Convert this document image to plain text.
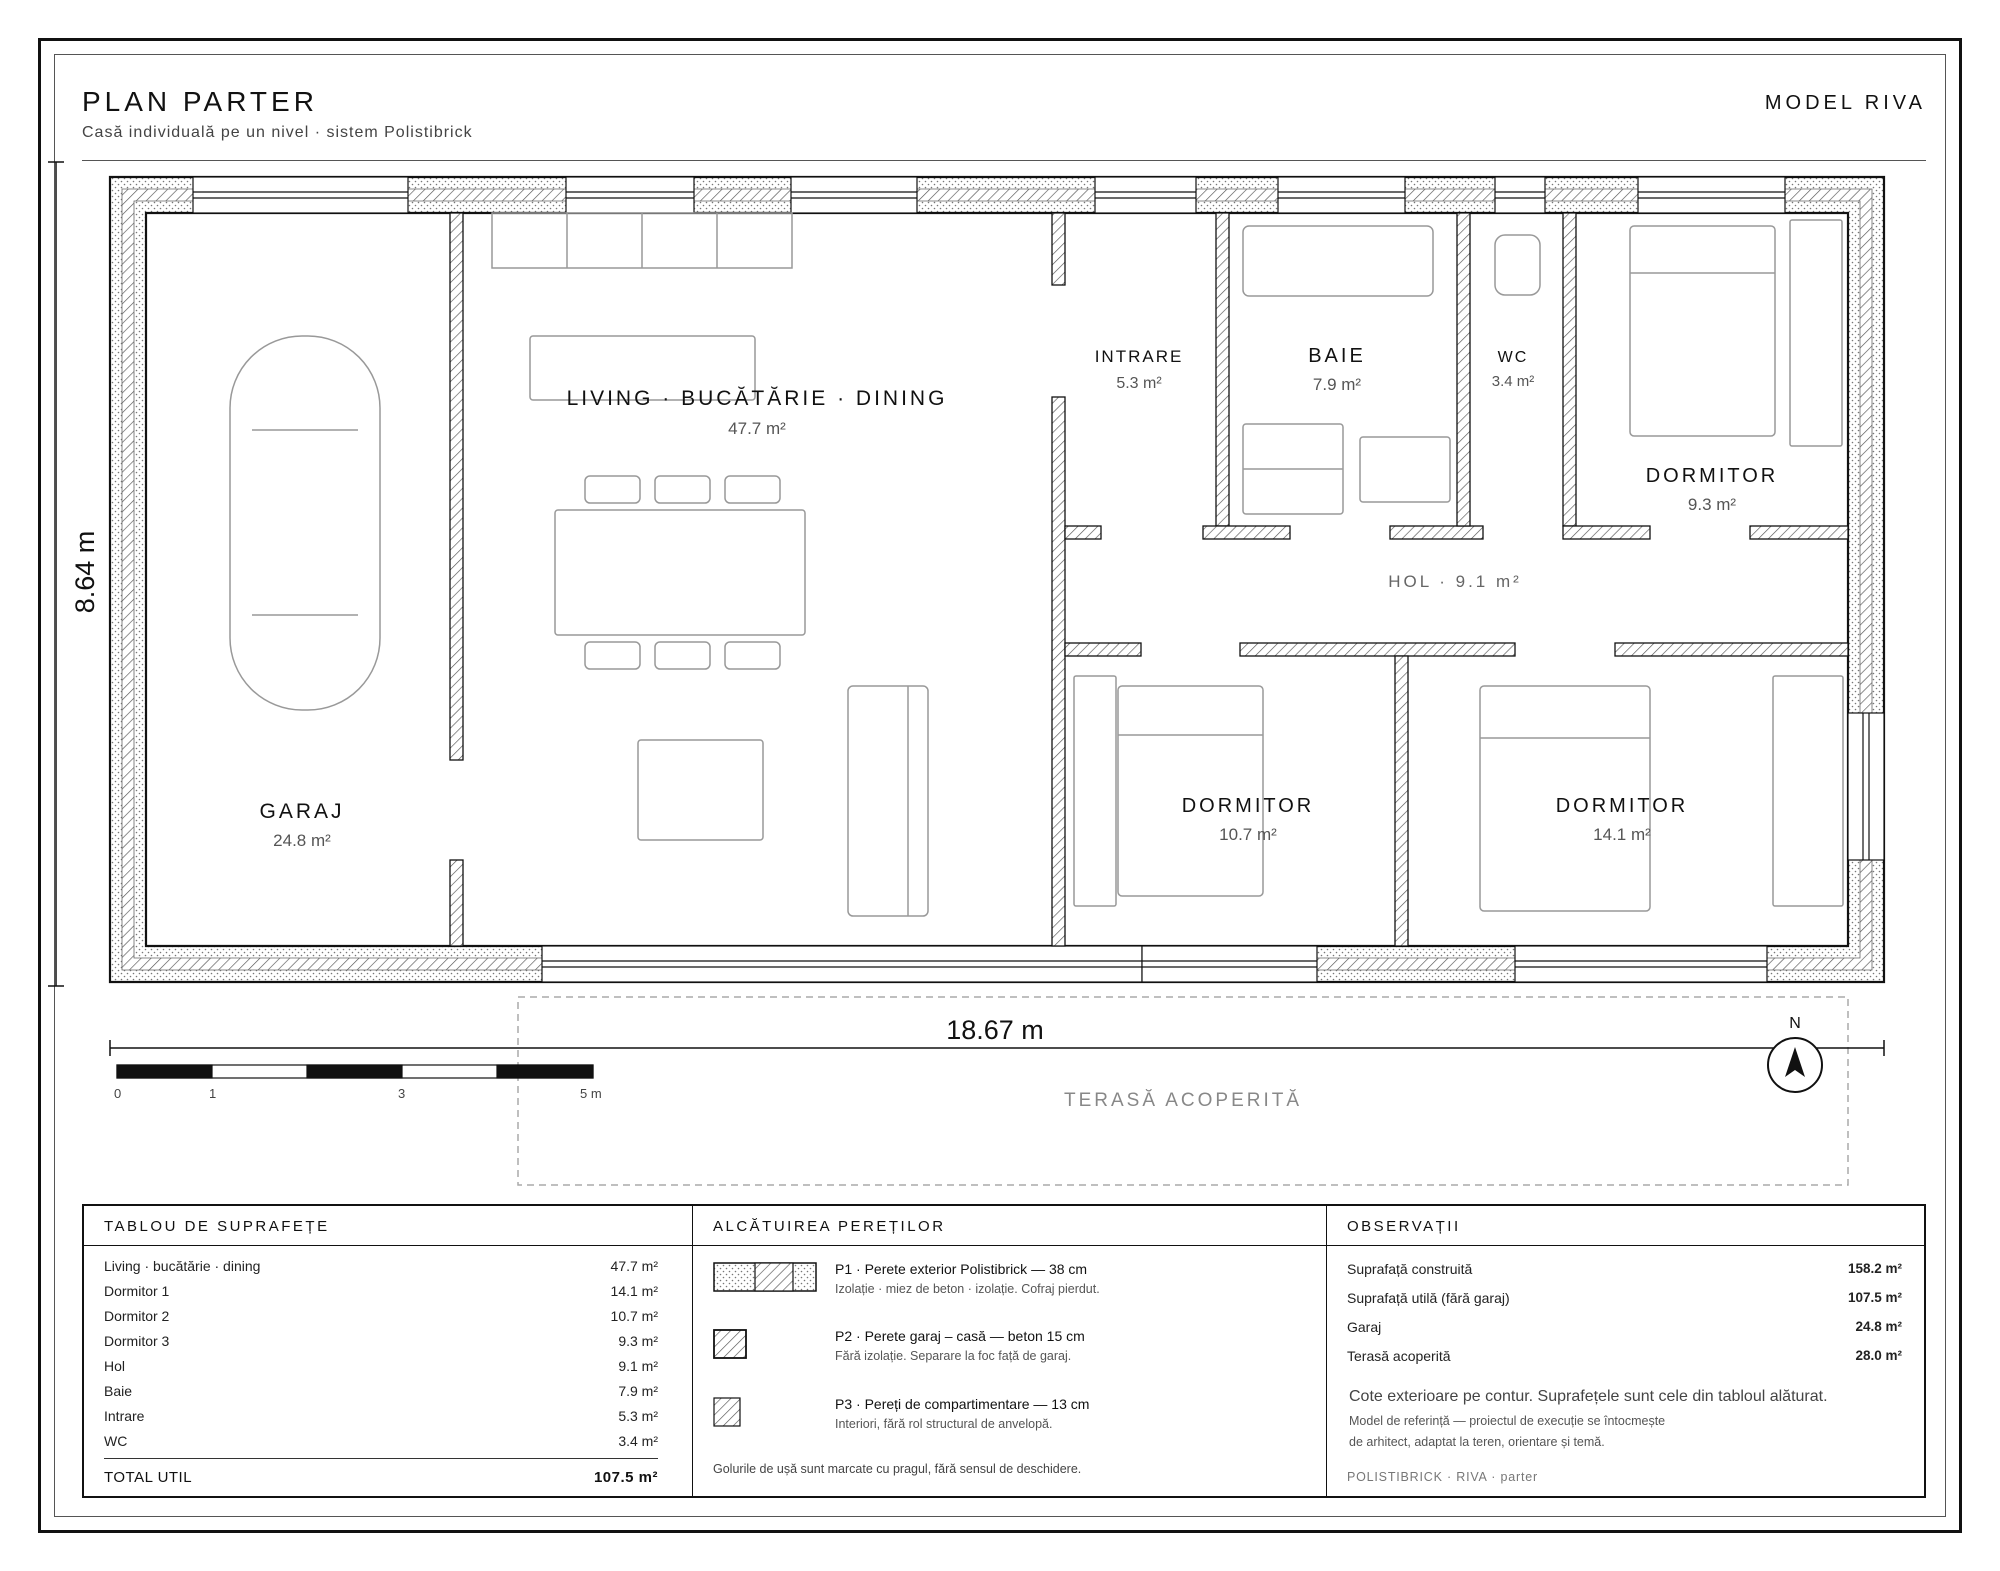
PLAN PARTER
Casă individuală pe un nivel · sistem Polistibrick
MODEL RIVA
TERASĂ ACOPERITĂ
18.67 m
8.64 m
0	1	3	5 m
N
GARAJ
24.8 m²
LIVING · BUCĂTĂRIE · DINING
47.7 m²
INTRARE
5.3 m²
BAIE
7.9 m²
WC
3.4 m²
DORMITOR
9.3 m²
HOL · 9.1 m²
DORMITOR
10.7 m²
DORMITOR
14.1 m²
TABLOU DE SUPRAFEȚE
Living · bucătărie · dining	47.7 m²
Dormitor 1	14.1 m²
Dormitor 2	10.7 m²
Dormitor 3	9.3 m²
Hol	9.1 m²
Baie	7.9 m²
Intrare	5.3 m²
WC	3.4 m²
TOTAL UTIL	107.5 m²
ALCĂTUIREA PEREȚILOR
P1 · Perete exterior Polistibrick — 38 cm
Izolație · miez de beton · izolație. Cofraj pierdut.
P2 · Perete garaj – casă — beton 15 cm
Fără izolație. Separare la foc față de garaj.
P3 · Pereți de compartimentare — 13 cm
Interiori, fără rol structural de anvelopă.
Golurile de ușă sunt marcate cu pragul, fără sensul de deschidere.
OBSERVAȚII
Suprafață construită	158.2 m²
Suprafață utilă (fără garaj)	107.5 m²
Garaj	24.8 m²
Terasă acoperită	28.0 m²
Cote exterioare pe contur. Suprafețele sunt cele din tabloul alăturat.
Model de referință — proiectul de execuție se întocmește
de arhitect, adaptat la teren, orientare și temă.
POLISTIBRICK · RIVA · parter
